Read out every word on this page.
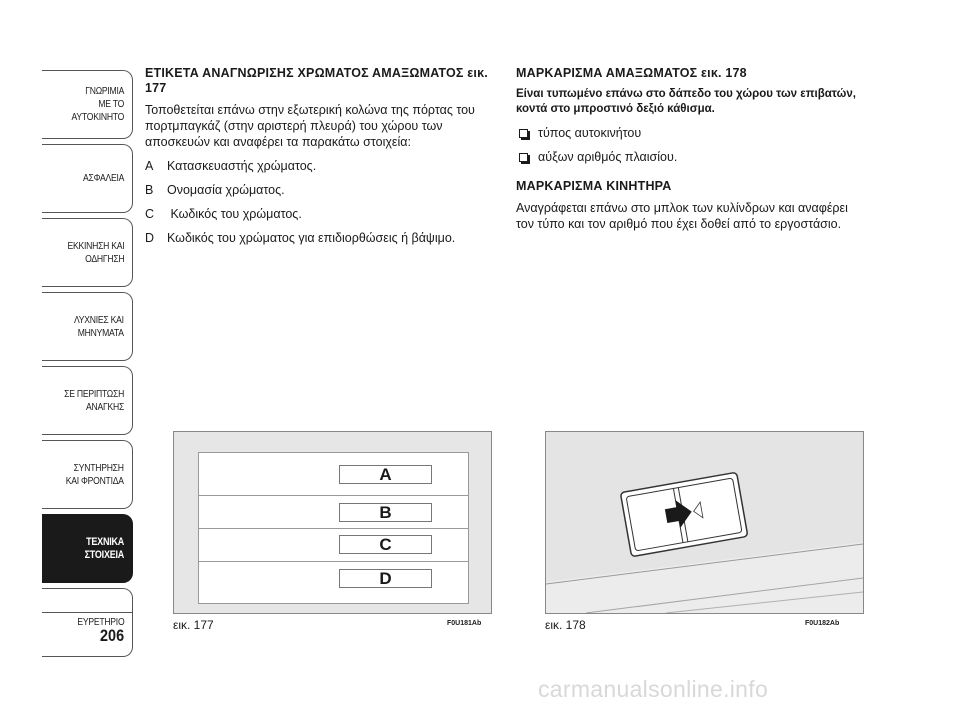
ΓΝΩΡΙΜΙΑ
ΜΕ ΤΟ
ΑΥΤΟΚΙΝΗΤΟ
ΑΣΦΑΛΕΙΑ
ΕΚΚΙΝΗΣΗ ΚΑΙ
ΟΔΗΓΗΣΗ
ΛΥΧΝΙΕΣ ΚΑΙ
ΜΗΝΥΜΑΤΑ
ΣΕ ΠΕΡΙΠΤΩΣΗ
ΑΝΑΓΚΗΣ
ΣΥΝΤΗΡΗΣΗ
ΚΑΙ ΦΡΟΝΤΙΔΑ
ΤΕΧΝΙΚΑ
ΣΤΟΙΧΕΙΑ
ΕΥΡΕΤΗΡΙΟ
206
ΕΤΙΚΕΤΑ ΑΝΑΓΝΩΡΙΣΗΣ ΧΡΩΜΑΤΟΣ ΑΜΑΞΩΜΑΤΟΣ εικ. 177

Τοποθετείται επάνω στην εξωτερική κολώνα της πόρτας του πορτμπαγκάζ (στην αριστερή πλευρά) του χώρου των αποσκευών και αναφέρει τα παρακάτω στοιχεία:

A	Κατασκευαστής χρώματος.
B	Ονομασία χρώματος.
C	Κωδικός του χρώματος.
D	Κωδικός του χρώματος για επιδιορθώσεις ή βάψιμο.
ΜΑΡΚΑΡΙΣΜΑ ΑΜΑΞΩΜΑΤΟΣ εικ. 178
Είναι τυπωμένο επάνω στο δάπεδο του χώρου των επιβατών, κοντά στο μπροστινό δεξιό κάθισμα.
τύπος αυτοκινήτου
αύξων αριθμός πλαισίου.
ΜΑΡΚΑΡΙΣΜΑ ΚΙΝΗΤΗΡΑ

Αναγράφεται επάνω στο μπλοκ των κυλίνδρων και αναφέρει τον τύπο και τον αριθμό που έχει δοθεί από το εργοστάσιο.

A
B
C
D
εικ. 177	F0U181Ab	εικ. 178	F0U182Ab
carmanualsonline.info
